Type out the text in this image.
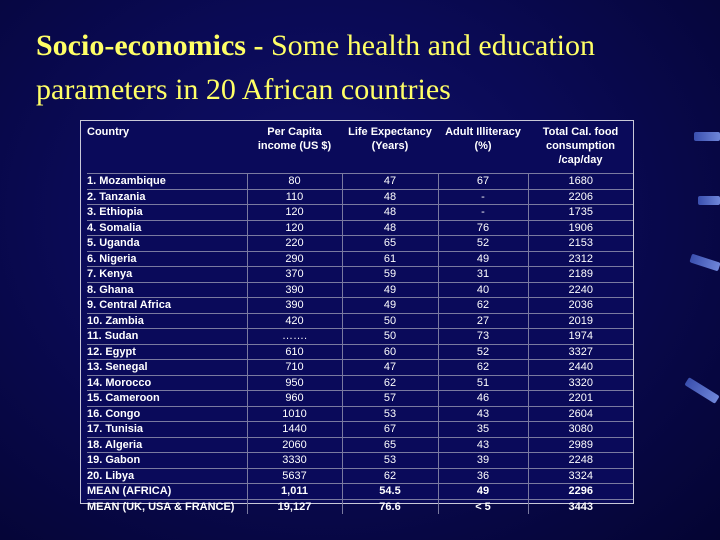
Socio-economics - Some health and education parameters in 20 African countries
Country	Per Capita income (US $)	Life Expectancy (Years)	Adult Illiteracy (%)	Total Cal. food consumption /cap/day
1. Mozambique	80	47	67	1680
2. Tanzania	110	48	-	2206
3. Ethiopia	120	48	-	1735
4. Somalia	120	48	76	1906
5. Uganda	220	65	52	2153
6. Nigeria	290	61	49	2312
7. Kenya	370	59	31	2189
8. Ghana	390	49	40	2240
9. Central Africa	390	49	62	2036
10. Zambia	420	50	27	2019
11. Sudan	…….	50	73	1974
12. Egypt	610	60	52	3327
13. Senegal	710	47	62	2440
14. Morocco	950	62	51	3320
15. Cameroon	960	57	46	2201
16. Congo	1010	53	43	2604
17. Tunisia	1440	67	35	3080
18. Algeria	2060	65	43	2989
19. Gabon	3330	53	39	2248
20. Libya	5637	62	36	3324
MEAN (AFRICA)	1,011	54.5	49	2296
MEAN (UK, USA & FRANCE)	19,127	76.6	< 5	3443
